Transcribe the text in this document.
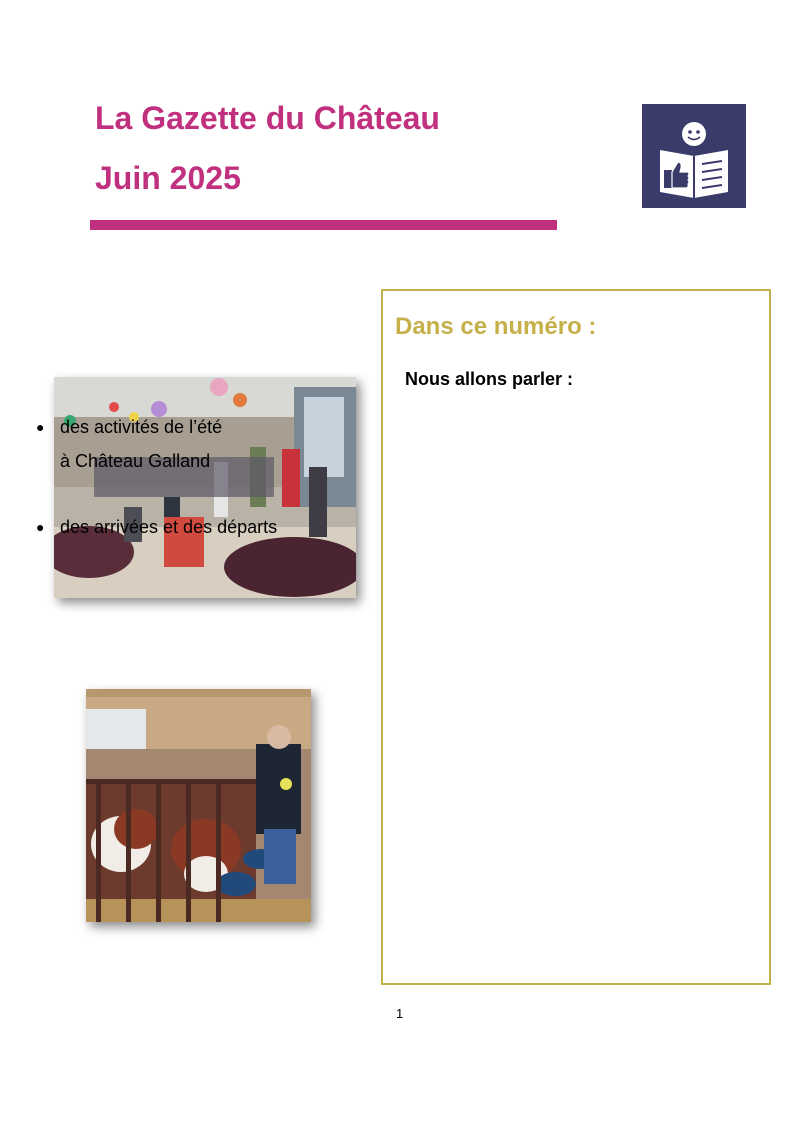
La Gazette du Château
Juin 2025
Dans ce numéro :

Nous allons parler :

● des activités de l’été
à Château Galland
● des arrivées et des départs
1
